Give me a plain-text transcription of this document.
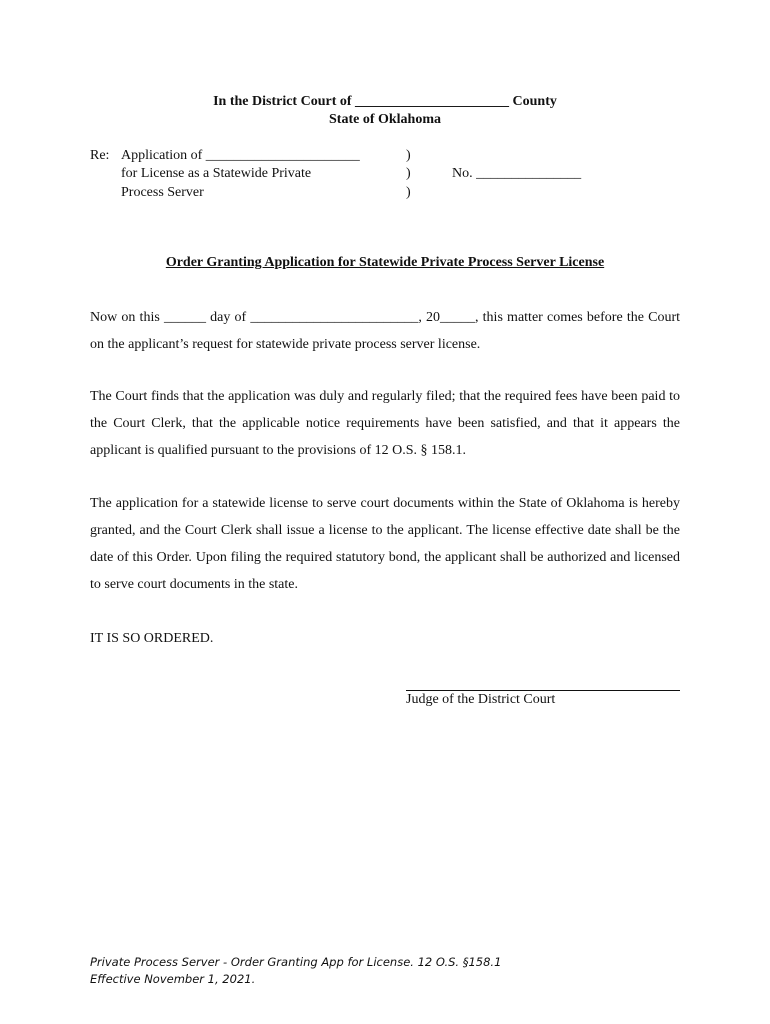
In the District Court of ______________________ County
State of Oklahoma
Re: Application of ______________________
for License as a Statewide Private
Process Server
)
)
)
No. _______________
Order Granting Application for Statewide Private Process Server License
Now on this ______ day of ________________________, 20_____, this matter comes before the Court on the applicant’s request for statewide private process server license.
The Court finds that the application was duly and regularly filed; that the required fees have been paid to the Court Clerk, that the applicable notice requirements have been satisfied, and that it appears the applicant is qualified pursuant to the provisions of 12 O.S. § 158.1.
The application for a statewide license to serve court documents within the State of Oklahoma is hereby granted, and the Court Clerk shall issue a license to the applicant. The license effective date shall be the date of this Order. Upon filing the required statutory bond, the applicant shall be authorized and licensed to serve court documents in the state.
IT IS SO ORDERED.
Judge of the District Court
Private Process Server - Order Granting App for License. 12 O.S. §158.1
Effective November 1, 2021.
